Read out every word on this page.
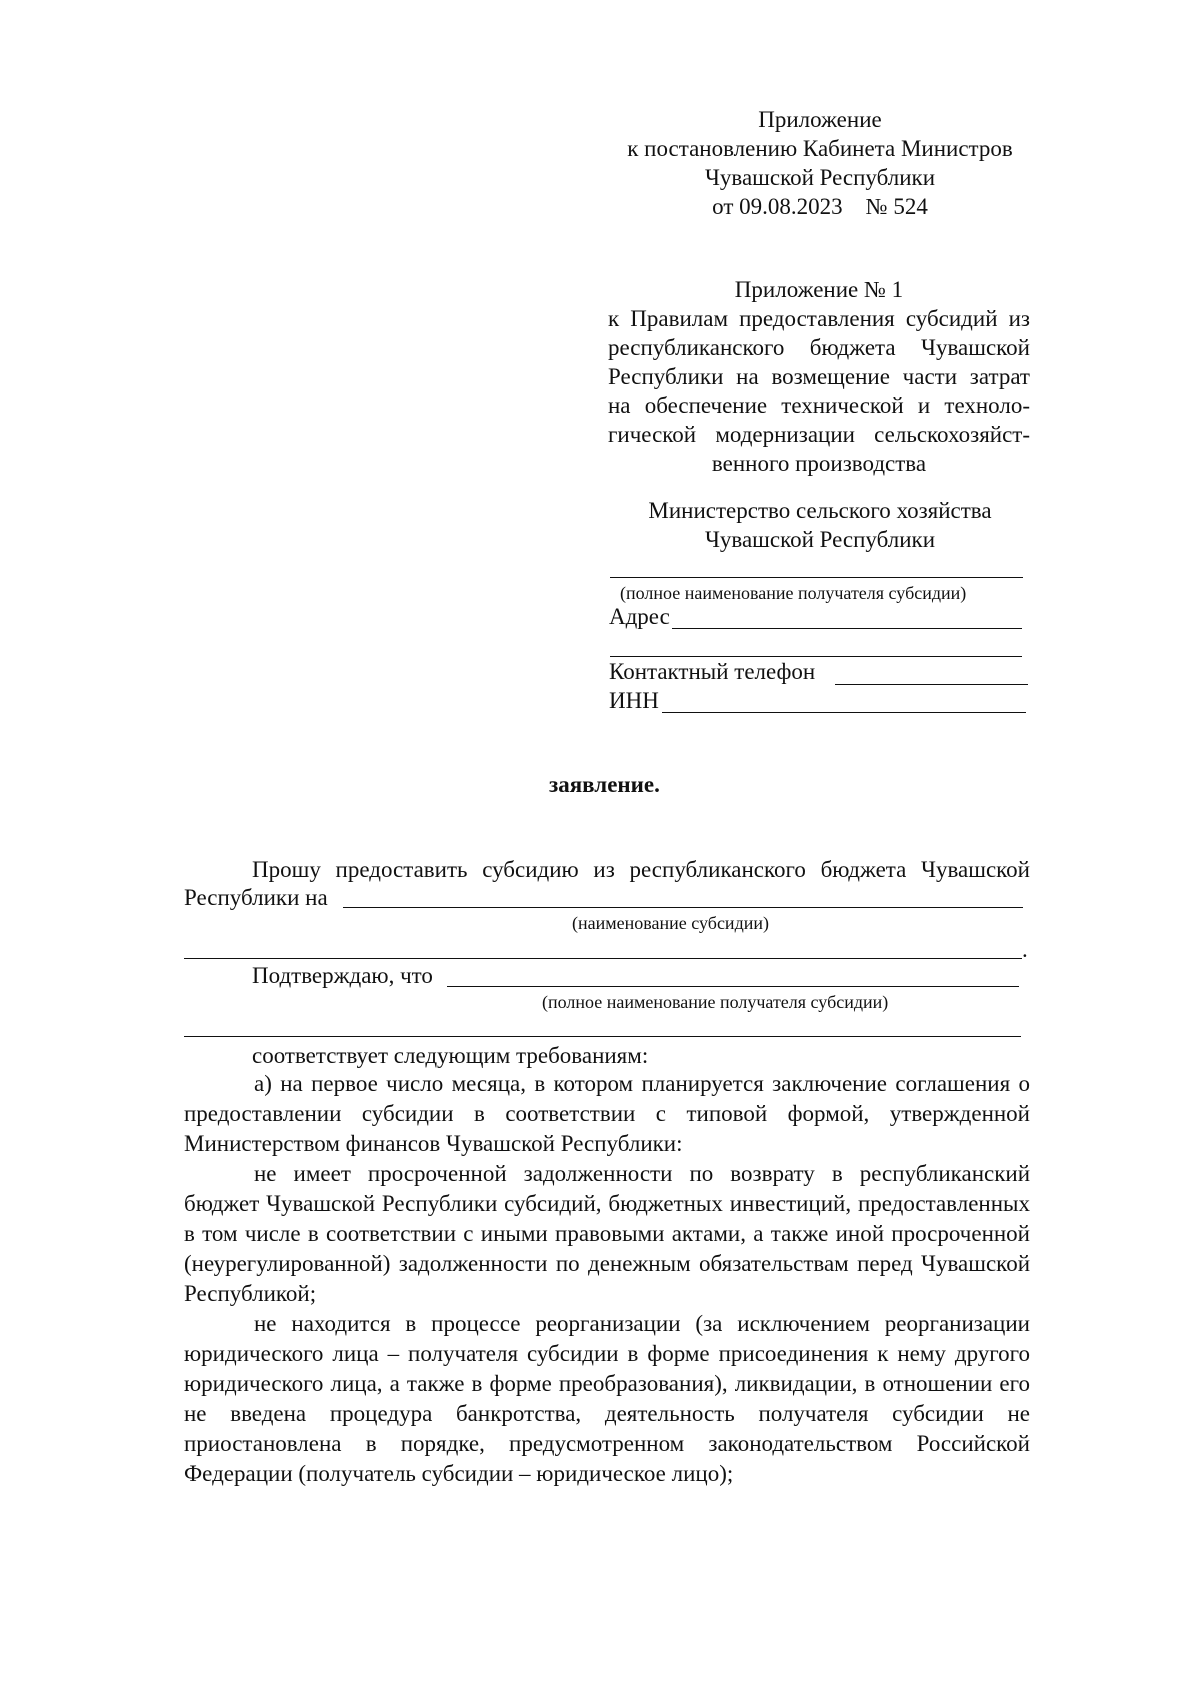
Приложение
к постановлению Кабинета Министров
Чувашской Республики
от 09.08.2023 № 524
Приложение № 1
к Правилам предоставления субсидий из
республиканского бюджета Чувашской
Республики на возмещение части затрат
на обеспечение технической и техноло-
гической модернизации сельскохозяйст-
венного производства
Министерство сельского хозяйства
Чувашской Республики
(полное наименование получателя субсидии)
Адрес
Контактный телефон
ИНН
заявление.
Прошу предоставить субсидию из республиканского бюджета Чувашской
Республики на
(наименование субсидии)
.
Подтверждаю, что
(полное наименование получателя субсидии)
соответствует следующим требованиям:

а) на первое число месяца, в котором планируется заключение соглашения о предоставлении субсидии в соответствии с типовой формой, утвержденной Министерством финансов Чувашской Республики:

не имеет просроченной задолженности по возврату в республиканский бюджет Чувашской Республики субсидий, бюджетных инвестиций, предоставленных в том числе в соответствии с иными правовыми актами, а также иной просроченной (неурегулированной) задолженности по денежным обязательствам перед Чувашской Республикой;

не находится в процессе реорганизации (за исключением реорганизации юридического лица – получателя субсидии в форме присоединения к нему другого юридического лица, а также в форме преобразования), ликвидации, в отношении его не введена процедура банкротства, деятельность получателя субсидии не приостановлена в порядке, предусмотренном законодательством Российской Федерации (получатель субсидии – юридическое лицо);
